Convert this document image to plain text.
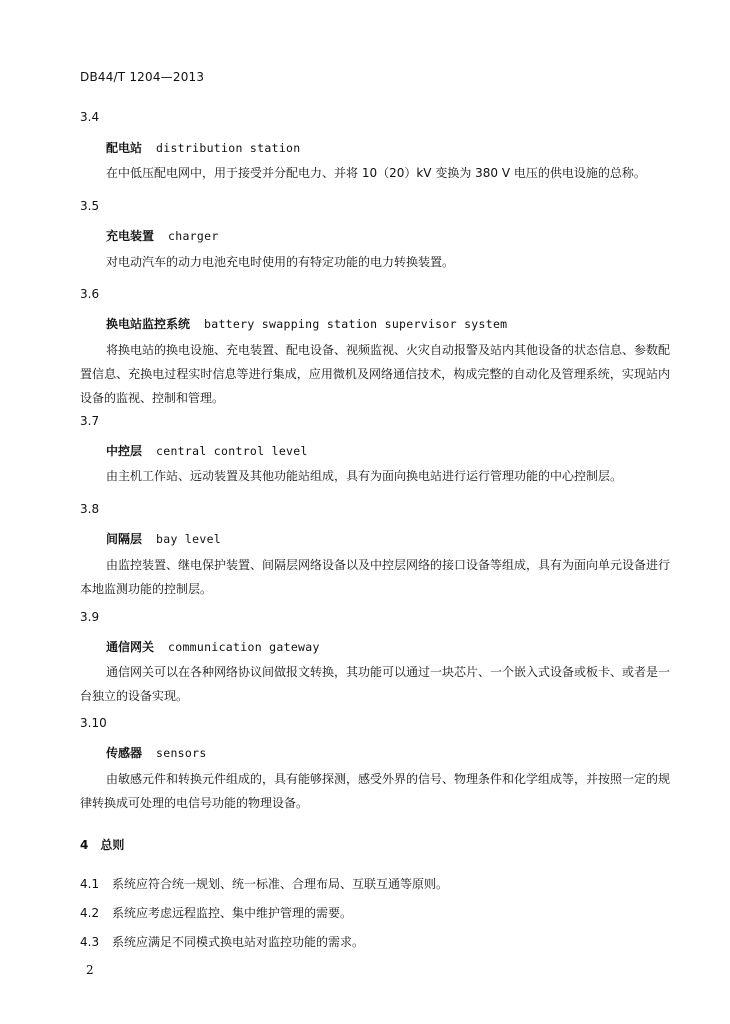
DB44/T 1204—2013
3.4
配电站 distribution station
在中低压配电网中，用于接受并分配电力、并将 10（20）kV 变换为 380 V 电压的供电设施的总称。
3.5
充电装置 charger
对电动汽车的动力电池充电时使用的有特定功能的电力转换装置。
3.6
换电站监控系统 battery swapping station supervisor system
将换电站的换电设施、充电装置、配电设备、视频监视、火灾自动报警及站内其他设备的状态信息、参数配置信息、充换电过程实时信息等进行集成，应用微机及网络通信技术，构成完整的自动化及管理系统，实现站内设备的监视、控制和管理。
3.7
中控层 central control level
由主机工作站、远动装置及其他功能站组成，具有为面向换电站进行运行管理功能的中心控制层。
3.8
间隔层 bay level
由监控装置、继电保护装置、间隔层网络设备以及中控层网络的接口设备等组成，具有为面向单元设备进行本地监测功能的控制层。
3.9
通信网关 communication gateway
通信网关可以在各种网络协议间做报文转换，其功能可以通过一块芯片、一个嵌入式设备或板卡、或者是一台独立的设备实现。
3.10
传感器 sensors
由敏感元件和转换元件组成的，具有能够探测，感受外界的信号、物理条件和化学组成等，并按照一定的规律转换成可处理的电信号功能的物理设备。
4 总则
4.1 系统应符合统一规划、统一标准、合理布局、互联互通等原则。
4.2 系统应考虑远程监控、集中维护管理的需要。
4.3 系统应满足不同模式换电站对监控功能的需求。
2
